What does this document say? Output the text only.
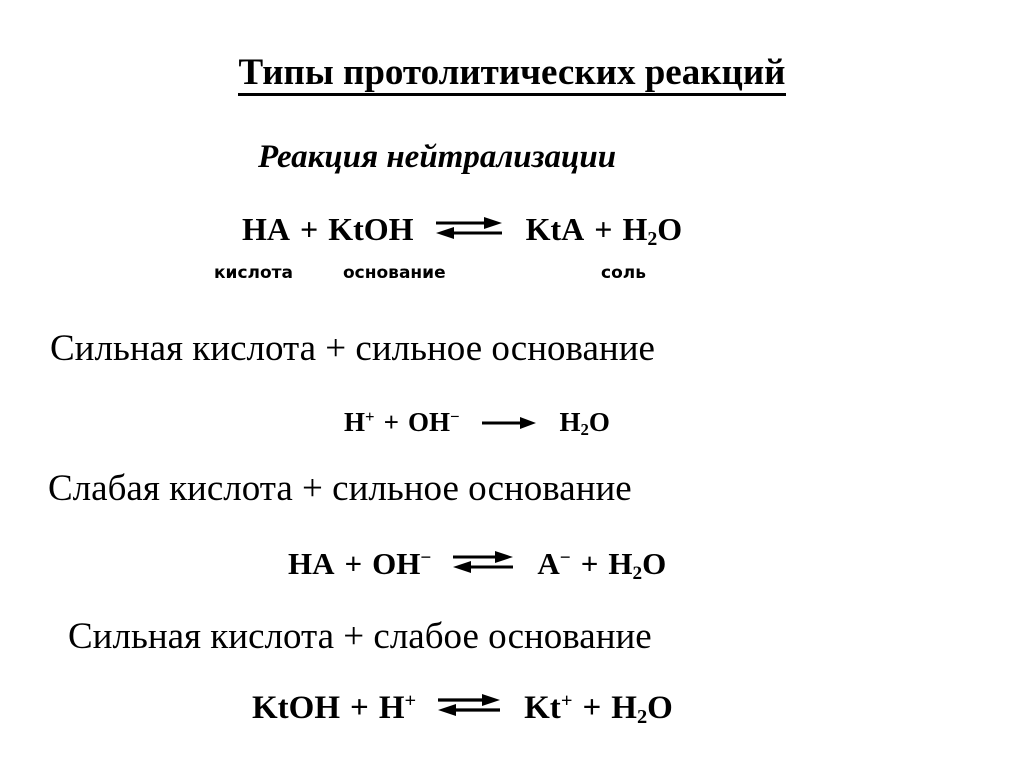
Типы протолитических реакций
Реакция нейтрализации
HA + KtOH ⇌ KtA + $H_2O$
кислота	основание	соль
Сильная кислота + сильное основание
H+ + OH−	$H_2O$
Слабая кислота + сильное основание
HA + OH− ⇌ $A^- + H_2O$
Сильная кислота + слабое основание
KtOH + H+ ⇌ $Kt^+ + H_2O$
